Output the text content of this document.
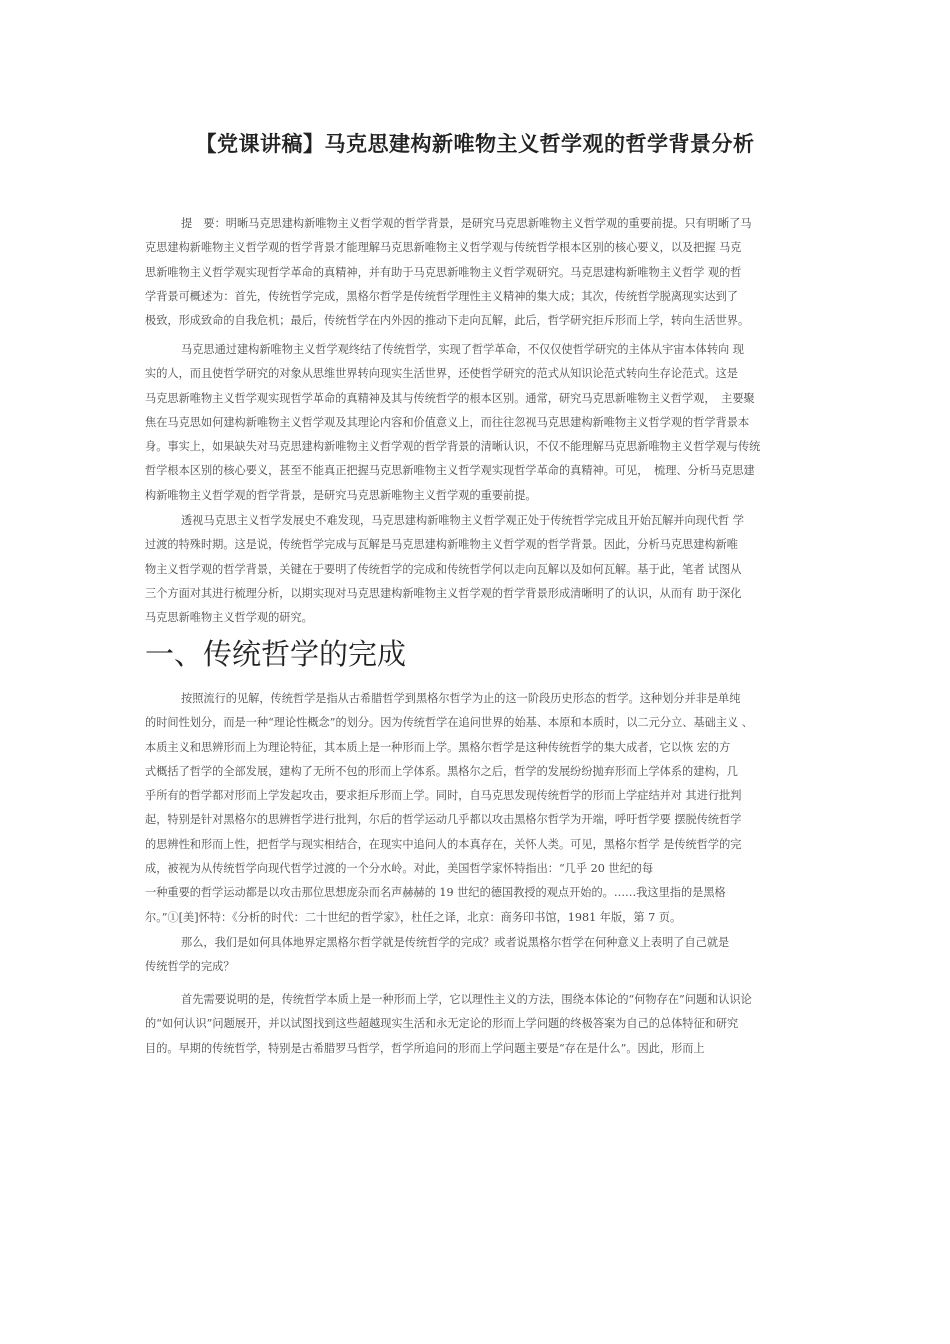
【党课讲稿】马克思建构新唯物主义哲学观的哲学背景分析
提　要：明晰马克思建构新唯物主义哲学观的哲学背景，是研究马克思新唯物主义哲学观的重要前提。只有明晰了马
克思建构新唯物主义哲学观的哲学背景才能理解马克思新唯物主义哲学观与传统哲学根本区别的核心要义，以及把握 马克
思新唯物主义哲学观实现哲学革命的真精神，并有助于马克思新唯物主义哲学观研究。马克思建构新唯物主义哲学 观的哲
学背景可概述为：首先，传统哲学完成，黑格尔哲学是传统哲学理性主义精神的集大成；其次，传统哲学脱离现实达到了
极致，形成致命的自我危机；最后，传统哲学在内外因的推动下走向瓦解，此后，哲学研究拒斥形而上学，转向生活世界。
马克思通过建构新唯物主义哲学观终结了传统哲学，实现了哲学革命，不仅仅使哲学研究的主体从宇宙本体转向 现
实的人，而且使哲学研究的对象从思维世界转向现实生活世界，还使哲学研究的范式从知识论范式转向生存论范式。这是
马克思新唯物主义哲学观实现哲学革命的真精神及其与传统哲学的根本区别。通常，研究马克思新唯物主义哲学观，　主要聚
焦在马克思如何建构新唯物主义哲学观及其理论内容和价值意义上，而往往忽视马克思建构新唯物主义哲学观的哲学背景本
身。事实上，如果缺失对马克思建构新唯物主义哲学观的哲学背景的清晰认识，不仅不能理解马克思新唯物主义哲学观与传统
哲学根本区别的核心要义，甚至不能真正把握马克思新唯物主义哲学观实现哲学革命的真精神。可见，　梳理、分析马克思建
构新唯物主义哲学观的哲学背景，是研究马克思新唯物主义哲学观的重要前提。
透视马克思主义哲学发展史不难发现，马克思建构新唯物主义哲学观正处于传统哲学完成且开始瓦解并向现代哲 学
过渡的特殊时期。这是说，传统哲学完成与瓦解是马克思建构新唯物主义哲学观的哲学背景。因此，分析马克思建构新唯
物主义哲学观的哲学背景，关键在于要明了传统哲学的完成和传统哲学何以走向瓦解以及如何瓦解。基于此，笔者 试图从
三个方面对其进行梳理分析，以期实现对马克思建构新唯物主义哲学观的哲学背景形成清晰明了的认识，从而有 助于深化
马克思新唯物主义哲学观的研究。
一、传统哲学的完成
按照流行的见解，传统哲学是指从古希腊哲学到黑格尔哲学为止的这一阶段历史形态的哲学。这种划分并非是单纯
的时间性划分，而是一种“理论性概念”的划分。因为传统哲学在追问世界的始基、本原和本质时，以二元分立、基础主义 、
本质主义和思辨形而上为理论特征，其本质上是一种形而上学。黑格尔哲学是这种传统哲学的集大成者，它以恢 宏的方
式概括了哲学的全部发展，建构了无所不包的形而上学体系。黑格尔之后，哲学的发展纷纷抛弃形而上学体系的建构，几
乎所有的哲学都对形而上学发起攻击，要求拒斥形而上学。同时，自马克思发现传统哲学的形而上学症结并对 其进行批判
起，特别是针对黑格尔的思辨哲学进行批判，尔后的哲学运动几乎都以攻击黑格尔哲学为开端，呼吁哲学要 摆脱传统哲学
的思辨性和形而上性，把哲学与现实相结合，在现实中追问人的本真存在，关怀人类。可见，黑格尔哲学 是传统哲学的完
成，被视为从传统哲学向现代哲学过渡的一个分水岭。对此，美国哲学家怀特指出：“几乎 20 世纪的每
一种重要的哲学运动都是以攻击那位思想庞杂而名声赫赫的 19 世纪的德国教授的观点开始的。……我这里指的是黑格
尔。”①[美]怀特：《分析的时代：二十世纪的哲学家》，杜任之译，北京：商务印书馆，1981 年版，第 7 页。
那么，我们是如何具体地界定黑格尔哲学就是传统哲学的完成？或者说黑格尔哲学在何种意义上表明了自己就是
传统哲学的完成？
首先需要说明的是，传统哲学本质上是一种形而上学，它以理性主义的方法，围绕本体论的“何物存在”问题和认识论
的“如何认识”问题展开，并以试图找到这些超越现实生活和永无定论的形而上学问题的终极答案为自己的总体特征和研究
目的。早期的传统哲学，特别是古希腊罗马哲学，哲学所追问的形而上学问题主要是“存在是什么”。因此，形而上
